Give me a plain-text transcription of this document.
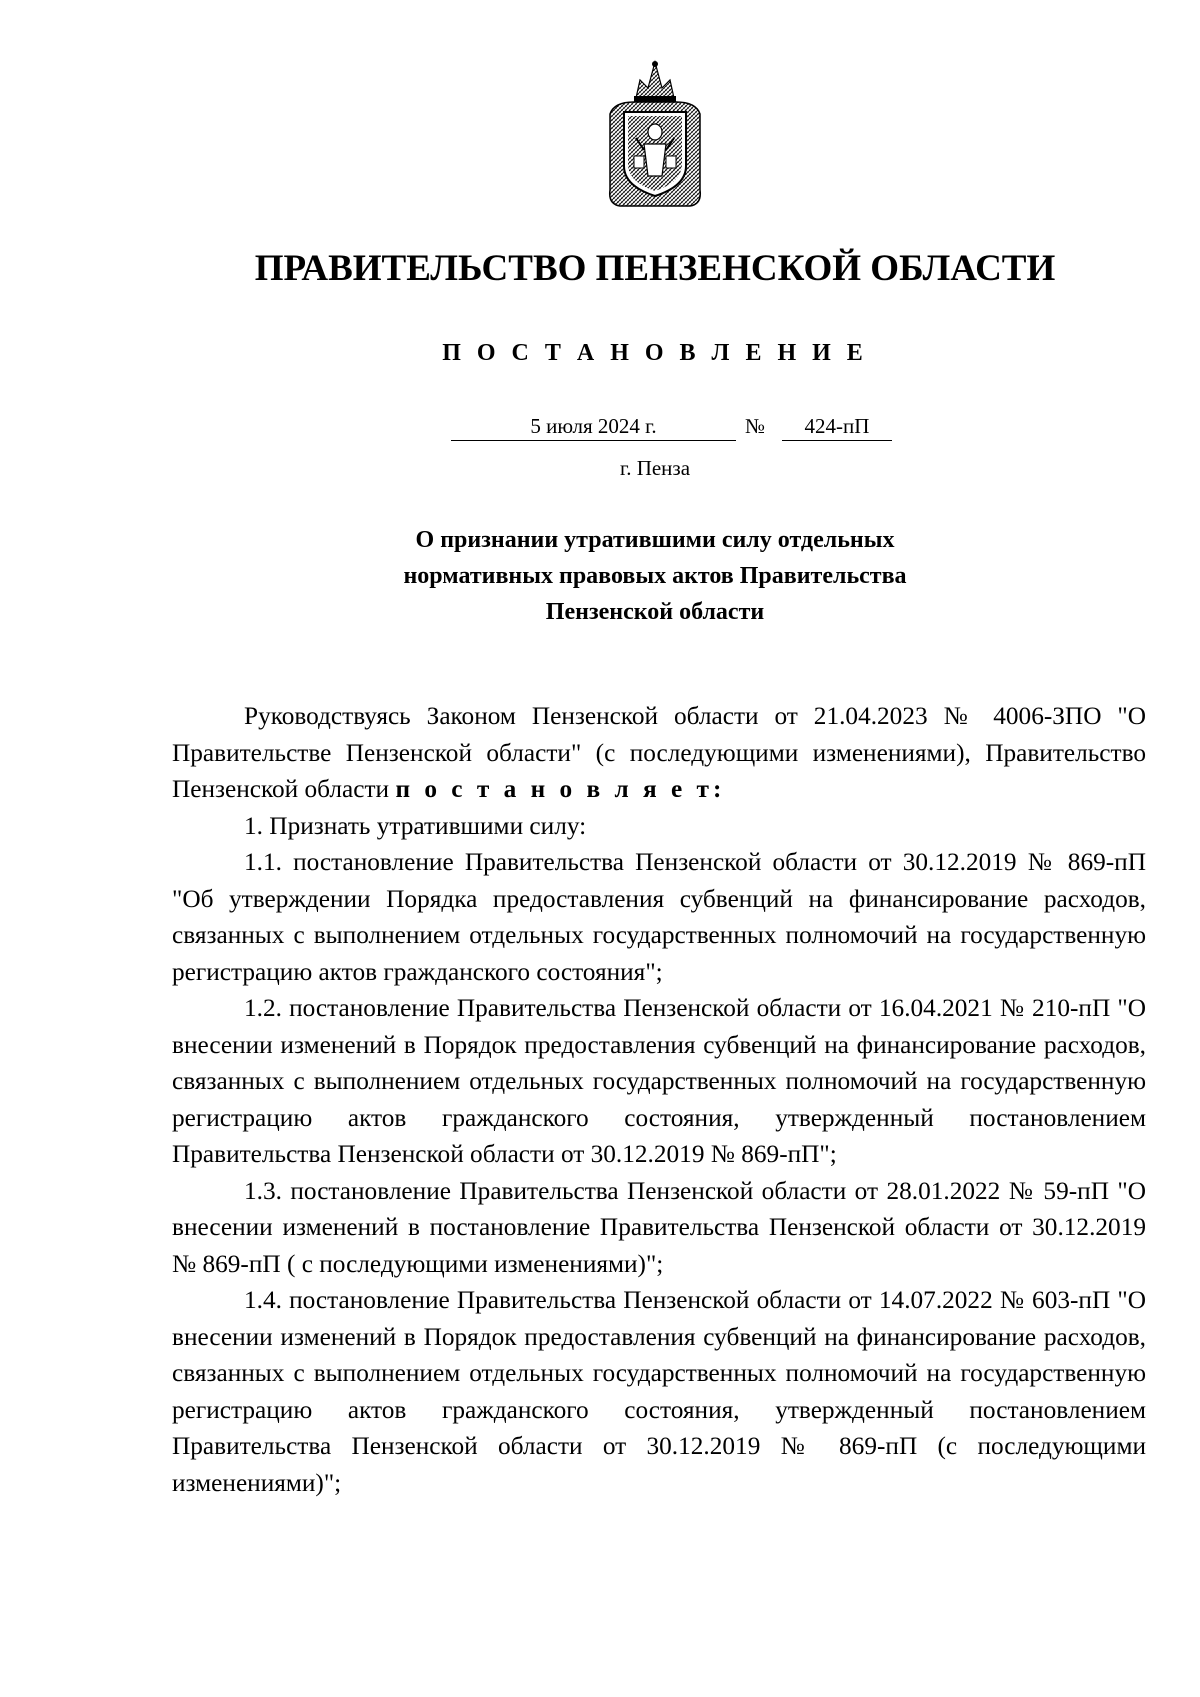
ПРАВИТЕЛЬСТВО ПЕНЗЕНСКОЙ ОБЛАСТИ
П О С Т А Н О В Л Е Н И Е
5 июля 2024 г.	№	424-пП
г. Пенза
О признании утратившими силу отдельных
нормативных правовых актов Правительства
Пензенской области

Руководствуясь Законом Пензенской области от 21.04.2023 № 4006-ЗПО "О Правительстве Пензенской области" (с последующими изменениями), Правительство Пензенской области п о с т а н о в л я е т:

1. Признать утратившими силу:

1.1. постановление Правительства Пензенской области от 30.12.2019 № 869-пП "Об утверждении Порядка предоставления субвенций на финансирование расходов, связанных с выполнением отдельных государственных полномочий на государственную регистрацию актов гражданского состояния";

1.2. постановление Правительства Пензенской области от 16.04.2021 № 210-пП "О внесении изменений в Порядок предоставления субвенций на финансирование расходов, связанных с выполнением отдельных государственных полномочий на государственную регистрацию актов гражданского состояния, утвержденный постановлением Правительства Пензенской области от 30.12.2019 № 869-пП";

1.3. постановление Правительства Пензенской области от 28.01.2022 № 59-пП "О внесении изменений в постановление Правительства Пензенской области от 30.12.2019 № 869-пП ( с последующими изменениями)";

1.4. постановление Правительства Пензенской области от 14.07.2022 № 603-пП "О внесении изменений в Порядок предоставления субвенций на финансирование расходов, связанных с выполнением отдельных государственных полномочий на государственную регистрацию актов гражданского состояния, утвержденный постановлением Правительства Пензенской области от 30.12.2019 № 869-пП (с последующими изменениями)";
